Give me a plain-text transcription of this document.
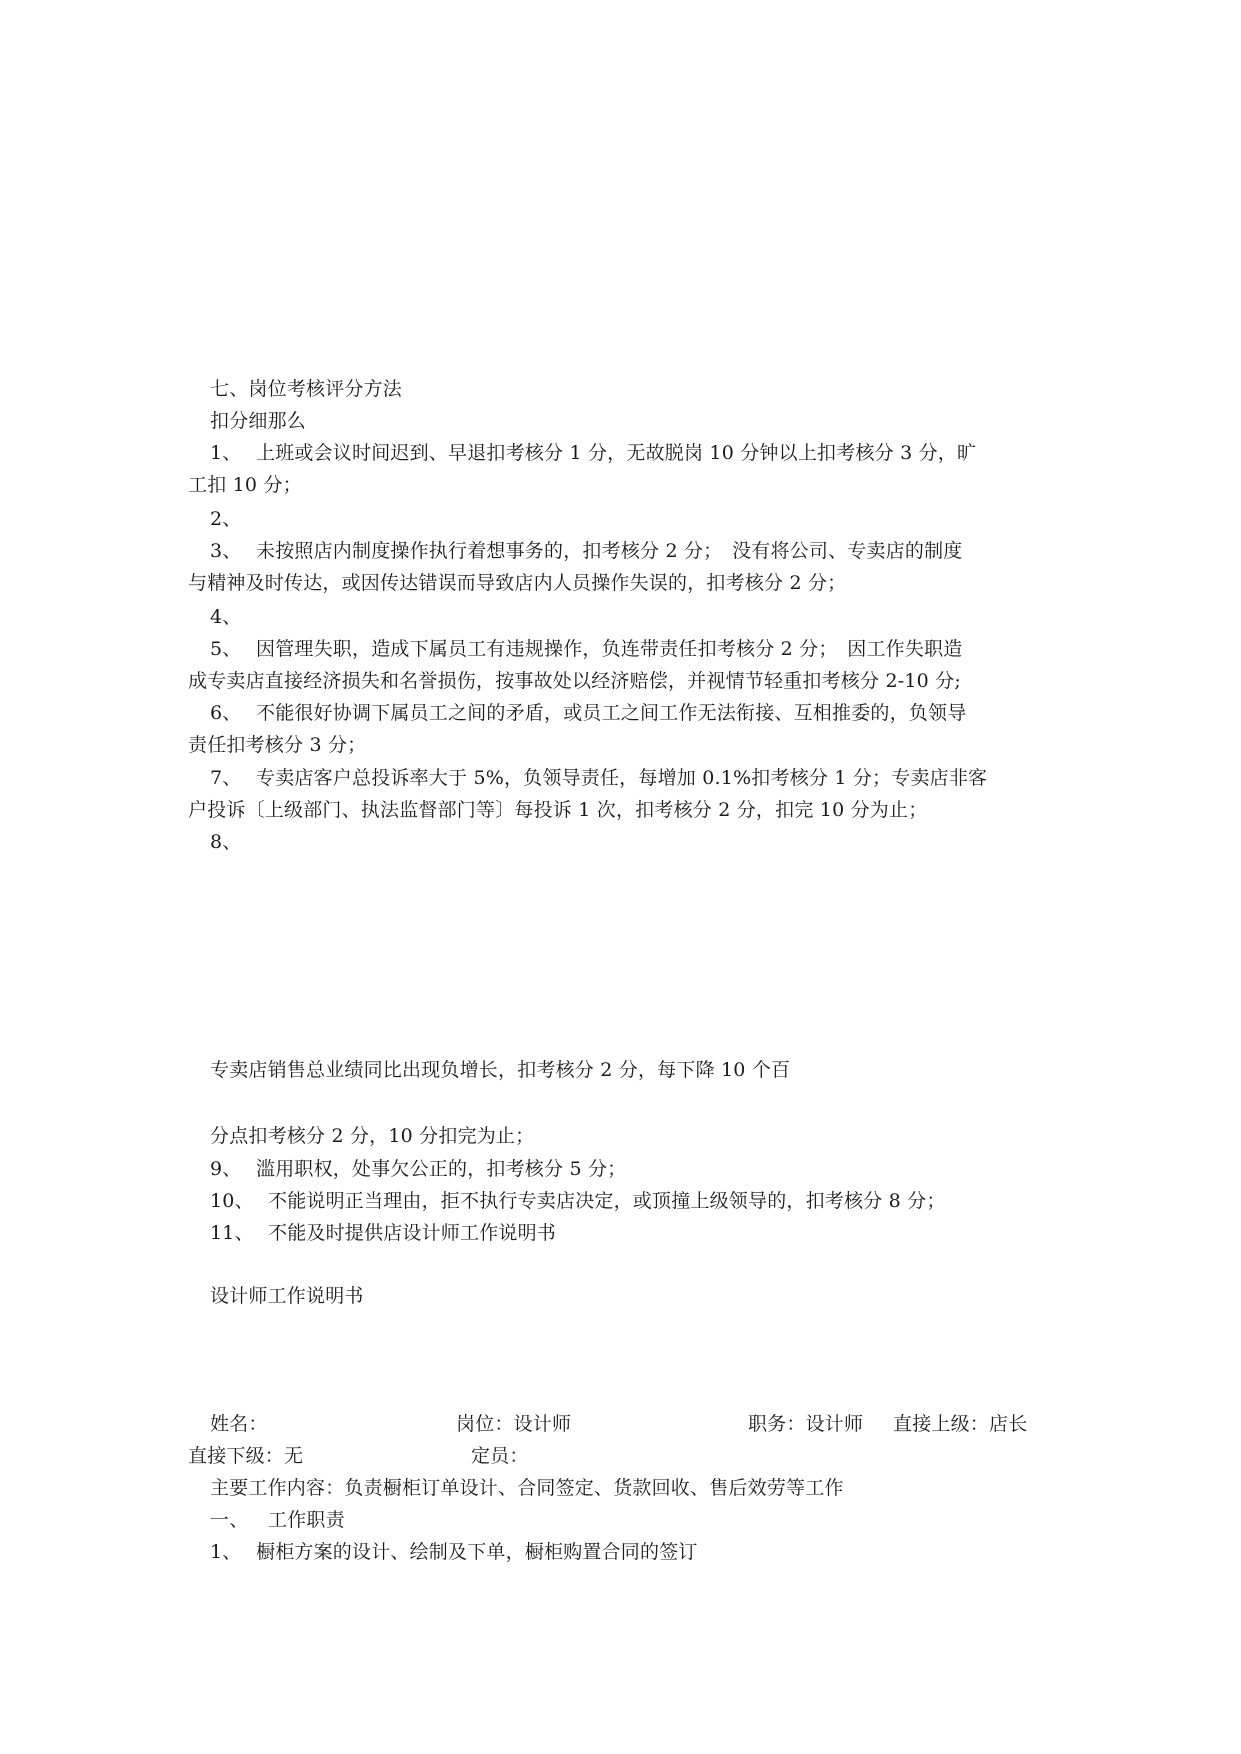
七、岗位考核评分方法
扣分细那么
1、 上班或会议时间迟到、早退扣考核分 1 分，无故脱岗 10 分钟以上扣考核分 3 分，旷
工扣 10 分；
2、
3、 未按照店内制度操作执行着想事务的，扣考核分 2 分；　没有将公司、专卖店的制度
与精神及时传达，或因传达错误而导致店内人员操作失误的，扣考核分 2 分；
4、
5、 因管理失职，造成下属员工有违规操作，负连带责任扣考核分 2 分；　因工作失职造
成专卖店直接经济损失和名誉损伤，按事故处以经济赔偿，并视情节轻重扣考核分 2-10 分;
6、 不能很好协调下属员工之间的矛盾，或员工之间工作无法衔接、互相推委的，负领导
责任扣考核分 3 分；
7、 专卖店客户总投诉率大于 5%，负领导责任，每增加 0.1%扣考核分 1 分；专卖店非客
户投诉〔上级部门、执法监督部门等〕每投诉 1 次，扣考核分 2 分，扣完 10 分为止；
8、
专卖店销售总业绩同比出现负增长，扣考核分 2 分，每下降 10 个百
分点扣考核分 2 分，10 分扣完为止；
9、 滥用职权，处事欠公正的，扣考核分 5 分；
10、 不能说明正当理由，拒不执行专卖店决定，或顶撞上级领导的，扣考核分 8 分；
11、 不能及时提供店设计师工作说明书
设计师工作说明书
姓名：	岗位：设计师	职务：设计师 直接上级：店长
直接下级：无	定员：
主要工作内容：负责橱柜订单设计、合同签定、货款回收、售后效劳等工作
一、 工作职责
1、 橱柜方案的设计、绘制及下单，橱柜购置合同的签订
